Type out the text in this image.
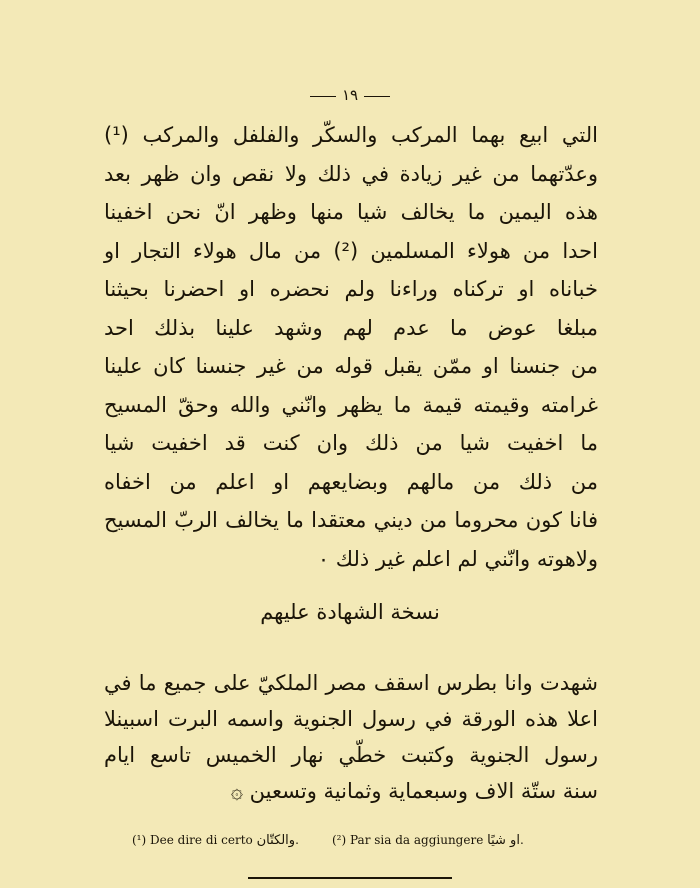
١٩
التي ابيع بهما المركب والسكّر والفلفل والمركب (¹)
وعدّتهما من غير زيادة في ذلك ولا نقص وان ظهر بعد
هذه اليمين ما يخالف شيا منها وظهر انّ نحن اخفينا
احدا من هولاء المسلمين (²) من مال هولاء التجار او
خباناه او تركناه وراءنا ولم نحضره او احضرنا بحيثنا
مبلغا عوض ما عدم لهم وشهد علينا بذلك احد
من جنسنا او ممّن يقبل قوله من غير جنسنا كان علينا
غرامته وقيمته قيمة ما يظهر وانّني والله وحقّ المسيح
ما اخفيت شيا من ذلك وان كنت قد اخفيت شيا
من ذلك من مالهم وبضايعهم او اعلم من اخفاه
فانا كون محروما من ديني معتقدا ما يخالف الربّ المسيح
ولاهوته وانّني لم اعلم غير ذلك ٠
نسخة الشهادة عليهم
شهدت وانا بطرس اسقف مصر الملكيّ على جميع ما في
اعلا هذه الورقة في رسول الجنوية واسمه البرت اسبينلا
رسول الجنوية وكتبت خطّي نهار الخميس تاسع ايام
سنة ستّة الاف وسبعماية وثمانية وتسعين ۞
(¹) Dee dire di certo والكتّان.	(²) Par sia da aggiungere او شيًا.
